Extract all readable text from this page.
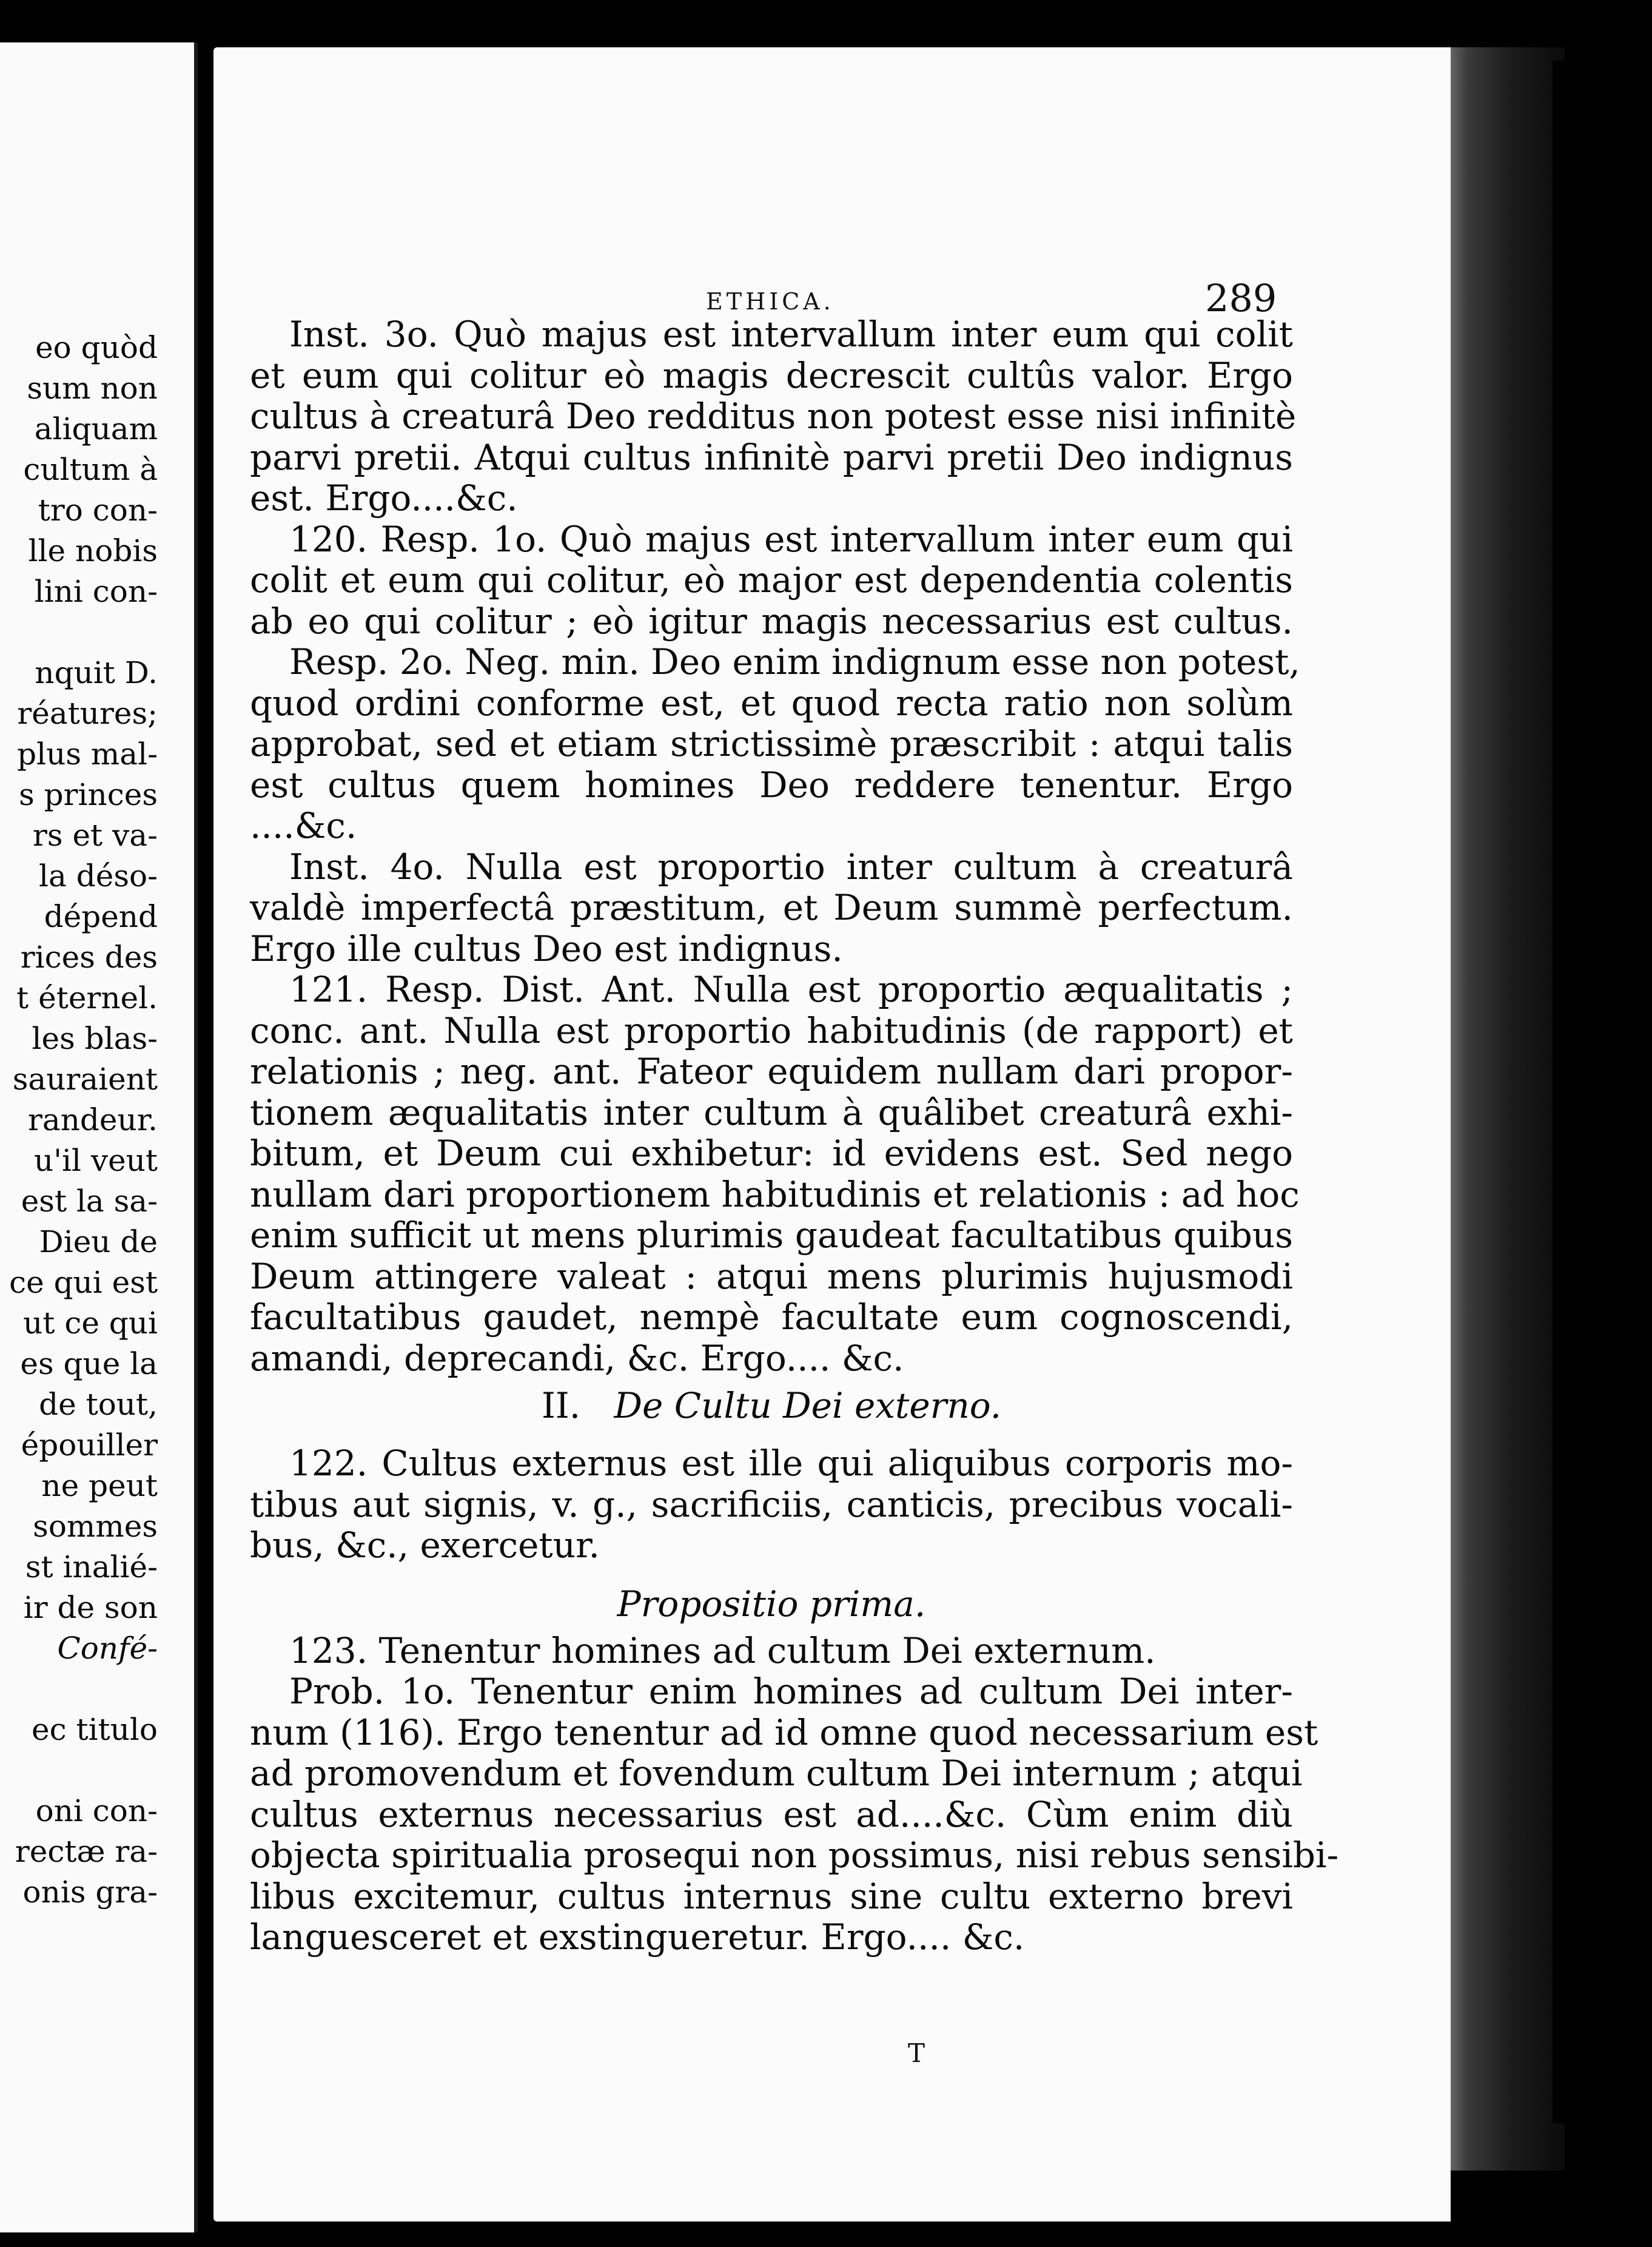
eo quòd
sum non
aliquam
cultum à
tro con-
lle nobis
lini con-
nquit D.
réatures;
plus mal-
s princes
rs et va-
la déso-
dépend
rices des
t éternel.
les blas-
sauraient
randeur.
u'il veut
est la sa-
Dieu de
ce qui est
ut ce qui
es que la
de tout,
épouiller
ne peut
sommes
st inalié-
ir de son
Confé-
ec titulo
oni con-
rectæ ra-
onis gra-
ETHICA.	289
Inst. 3o. Quò majus est intervallum inter eum qui colit
et eum qui colitur eò magis decrescit cultûs valor. Ergo
cultus à creaturâ Deo redditus non potest esse nisi infinitè
parvi pretii. Atqui cultus infinitè parvi pretii Deo indignus
est. Ergo....&c.
120. Resp. 1o. Quò majus est intervallum inter eum qui
colit et eum qui colitur, eò major est dependentia colentis
ab eo qui colitur ; eò igitur magis necessarius est cultus.
Resp. 2o. Neg. min. Deo enim indignum esse non potest,
quod ordini conforme est, et quod recta ratio non solùm
approbat, sed et etiam strictissimè præscribit : atqui talis
est cultus quem homines Deo reddere tenentur. Ergo
....&c.
Inst. 4o. Nulla est proportio inter cultum à creaturâ
valdè imperfectâ præstitum, et Deum summè perfectum.
Ergo ille cultus Deo est indignus.
121. Resp. Dist. Ant. Nulla est proportio æqualitatis ;
conc. ant. Nulla est proportio habitudinis (de rapport) et
relationis ; neg. ant. Fateor equidem nullam dari propor-
tionem æqualitatis inter cultum à quâlibet creaturâ exhi-
bitum, et Deum cui exhibetur: id evidens est. Sed nego
nullam dari proportionem habitudinis et relationis : ad hoc
enim sufficit ut mens plurimis gaudeat facultatibus quibus
Deum attingere valeat : atqui mens plurimis hujusmodi
facultatibus gaudet, nempè facultate eum cognoscendi,
amandi, deprecandi, &c. Ergo.... &c.
II. De Cultu Dei externo.
122. Cultus externus est ille qui aliquibus corporis mo-
tibus aut signis, v. g., sacrificiis, canticis, precibus vocali-
bus, &c., exercetur.
Propositio prima.
123. Tenentur homines ad cultum Dei externum.
Prob. 1o. Tenentur enim homines ad cultum Dei inter-
num (116). Ergo tenentur ad id omne quod necessarium est
ad promovendum et fovendum cultum Dei internum ; atqui
cultus externus necessarius est ad....&c. Cùm enim diù
objecta spiritualia prosequi non possimus, nisi rebus sensibi-
libus excitemur, cultus internus sine cultu externo brevi
languesceret et exstingueretur. Ergo.... &c.
T
